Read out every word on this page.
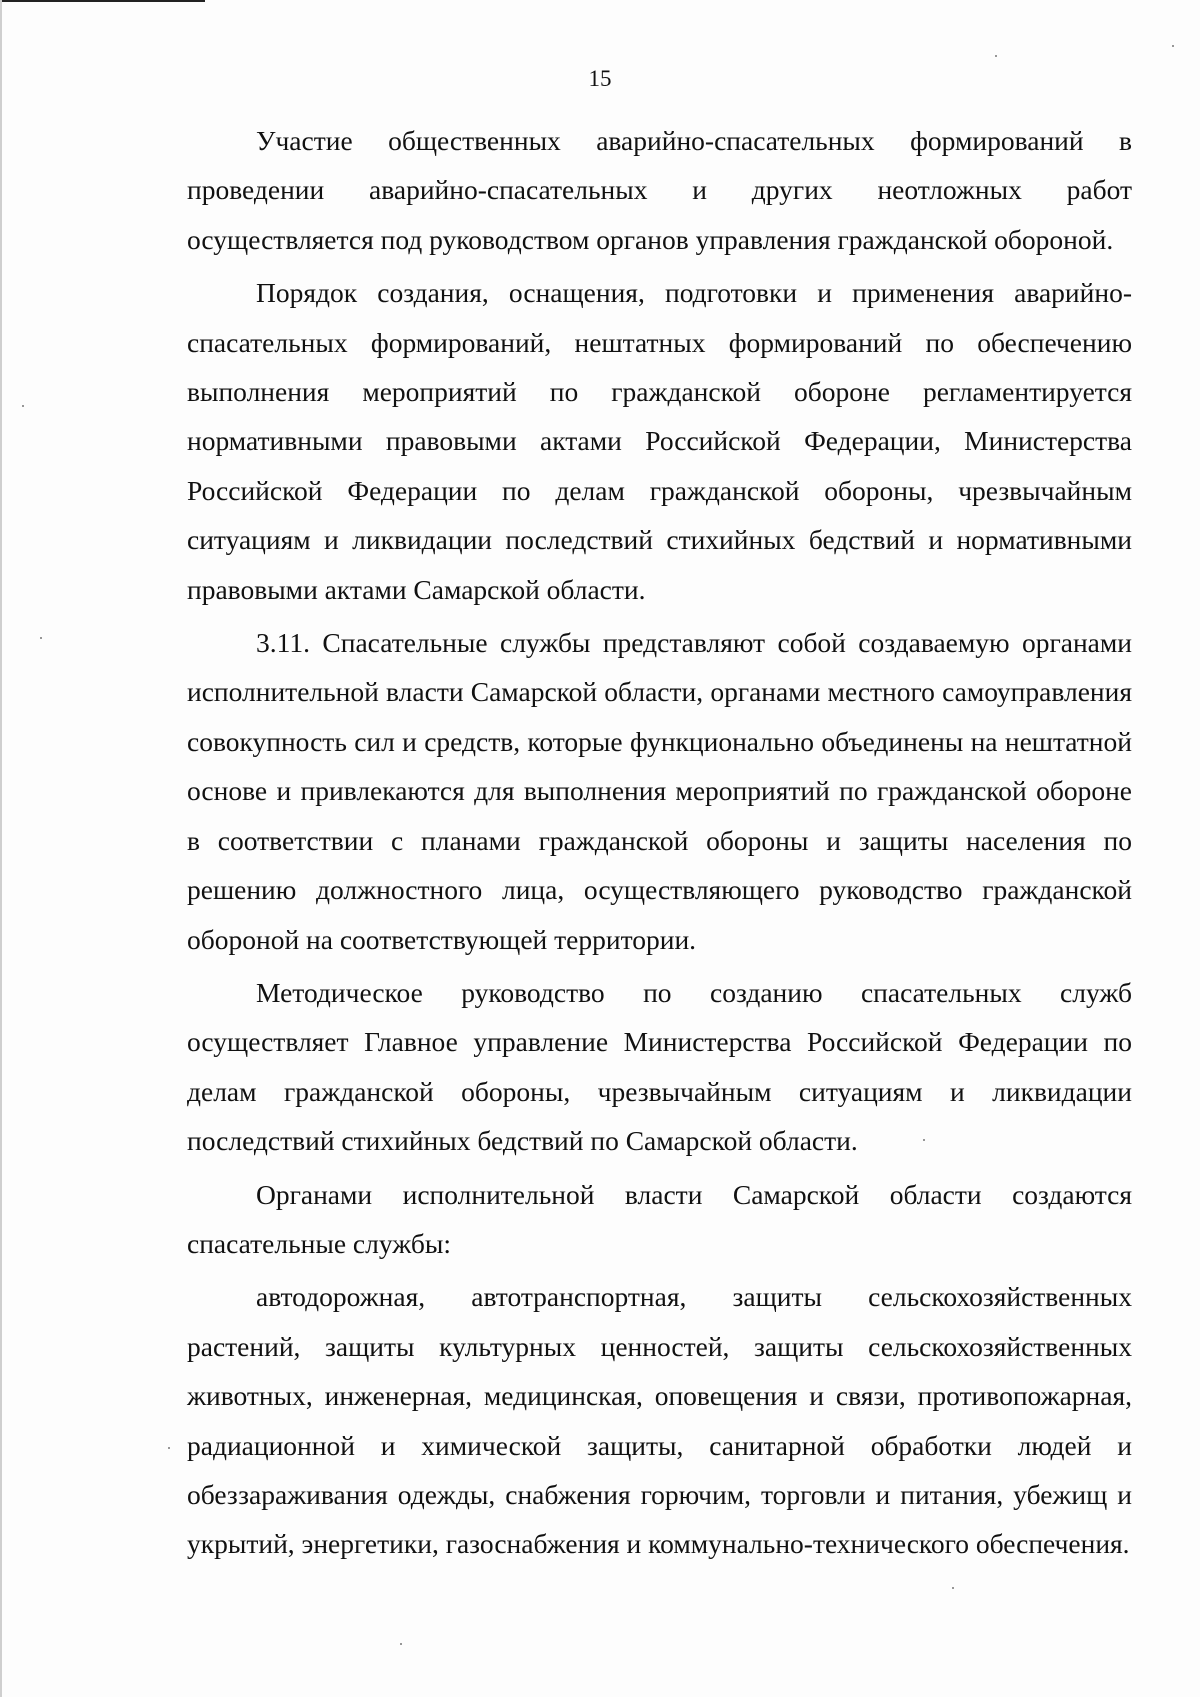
15

Участие общественных аварийно-спасательных формирований в проведении аварийно-спасательных и других неотложных работ осуществляется под руководством органов управления гражданской обороной.

Порядок создания, оснащения, подготовки и применения аварийно-спасательных формирований, нештатных формирований по обеспечению выполнения мероприятий по гражданской обороне регламентируется нормативными правовыми актами Российской Федерации, Министерства Российской Федерации по делам гражданской обороны, чрезвычайным ситуациям и ликвидации последствий стихийных бедствий и нормативными правовыми актами Самарской области.

3.11. Спасательные службы представляют собой создаваемую органами исполнительной власти Самарской области, органами местного самоуправления совокупность сил и средств, которые функционально объединены на нештатной основе и привлекаются для выполнения мероприятий по гражданской обороне в соответствии с планами гражданской обороны и защиты населения по решению должностного лица, осуществляющего руководство гражданской обороной на соответствующей территории.

Методическое руководство по созданию спасательных служб осуществляет Главное управление Министерства Российской Федерации по делам гражданской обороны, чрезвычайным ситуациям и ликвидации последствий стихийных бедствий по Самарской области.

Органами исполнительной власти Самарской области создаются спасательные службы:

автодорожная, автотранспортная, защиты сельскохозяйственных растений, защиты культурных ценностей, защиты сельскохозяйственных животных, инженерная, медицинская, оповещения и связи, противопожарная, радиационной и химической защиты, санитарной обработки людей и обеззараживания одежды, снабжения горючим, торговли и питания, убежищ и укрытий, энергетики, газоснабжения и коммунально-технического обеспечения.
